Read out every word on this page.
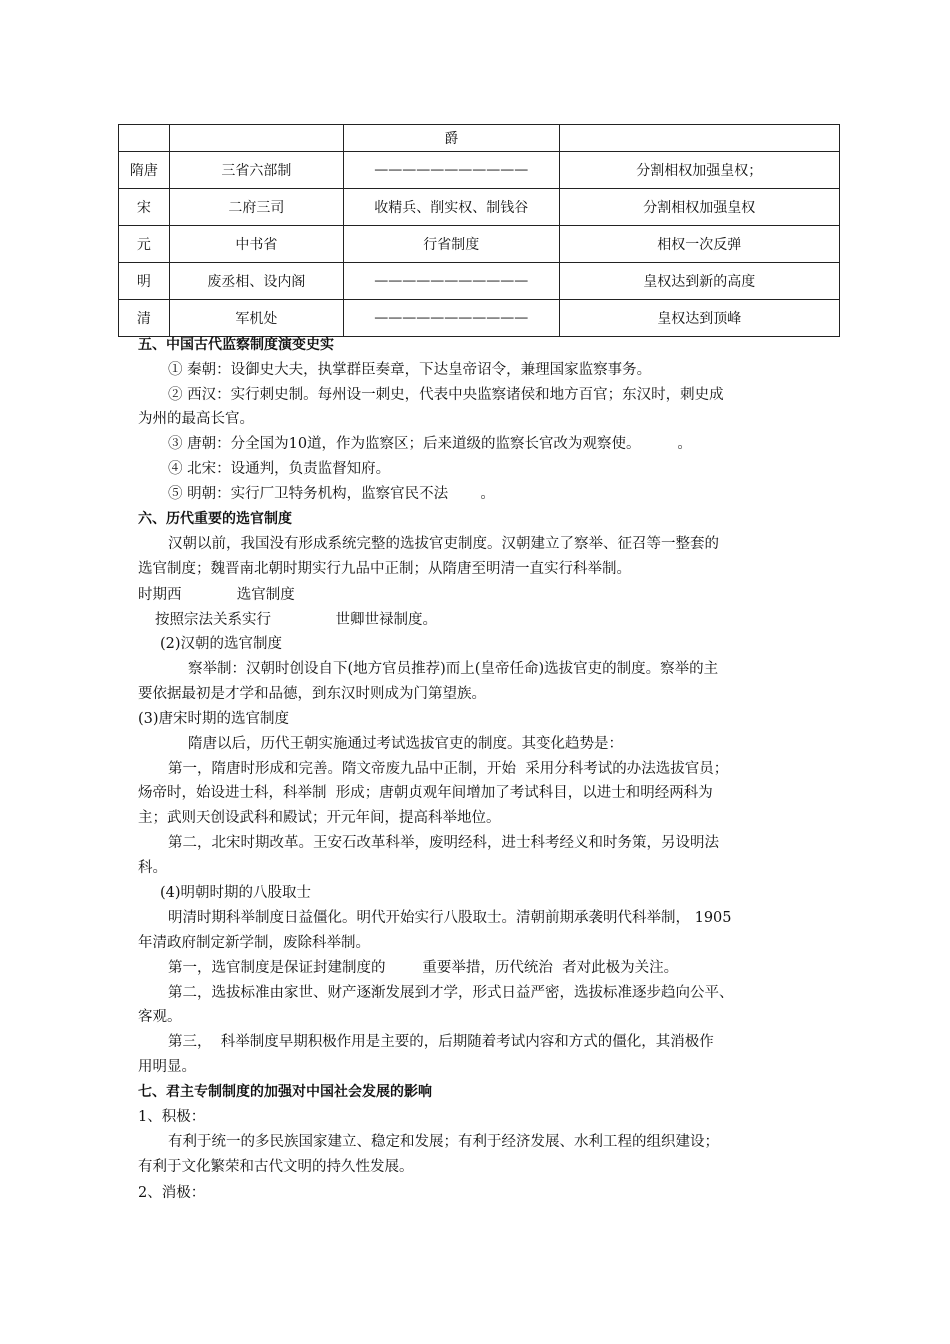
		爵	
隋唐	三省六部制	———————————	分割相权加强皇权；
宋	二府三司	收精兵、削实权、制钱谷	分割相权加强皇权
元	中书省	行省制度	相权一次反弹
明	废丞相、设内阁	———————————	皇权达到新的高度
清	军机处	———————————	皇权达到顶峰
五、中国古代监察制度演变史实
① 秦朝：设御史大夫，执掌群臣奏章，下达皇帝诏令，兼理国家监察事务。
② 西汉：实行刺史制。每州设一刺史，代表中央监察诸侯和地方百官；东汉时，刺史成
为州的最高长官。
③ 唐朝：分全国为10道，作为监察区；后来道级的监察长官改为观察使。        。
④ 北宋：设通判，负责监督知府。
⑤ 明朝：实行厂卫特务机构，监察官民不法       。
六、历代重要的选官制度
汉朝以前，我国没有形成系统完整的选拔官吏制度。汉朝建立了察举、征召等一整套的
选官制度；魏晋南北朝时期实行九品中正制；从隋唐至明清一直实行科举制。
时期西            选官制度
按照宗法关系实行              世卿世禄制度。
(2)汉朝的选官制度
察举制：汉朝时创设自下(地方官员推荐)而上(皇帝任命)选拔官吏的制度。察举的主
要依据最初是才学和品德，到东汉时则成为门第望族。
(3)唐宋时期的选官制度
隋唐以后，历代王朝实施通过考试选拔官吏的制度。其变化趋势是：
第一，隋唐时形成和完善。隋文帝废九品中正制，开始  采用分科考试的办法选拔官员；
炀帝时，始设进士科，科举制  形成；唐朝贞观年间增加了考试科目，以进士和明经两科为
主；武则天创设武科和殿试；开元年间，提高科举地位。
第二，北宋时期改革。王安石改革科举，废明经科，进士科考经义和时务策，另设明法
科。
(4)明朝时期的八股取士
明清时期科举制度日益僵化。明代开始实行八股取士。清朝前期承袭明代科举制， 1905
年清政府制定新学制，废除科举制。
第一，选官制度是保证封建制度的        重要举措，历代统治  者对此极为关注。
第二，选拔标准由家世、财产逐渐发展到才学，形式日益严密，选拔标准逐步趋向公平、
客观。
第三，  科举制度早期积极作用是主要的，后期随着考试内容和方式的僵化，其消极作
用明显。
七、君主专制制度的加强对中国社会发展的影响
1、积极：
有利于统一的多民族国家建立、稳定和发展；有利于经济发展、水利工程的组织建设；
有利于文化繁荣和古代文明的持久性发展。
2、消极：
